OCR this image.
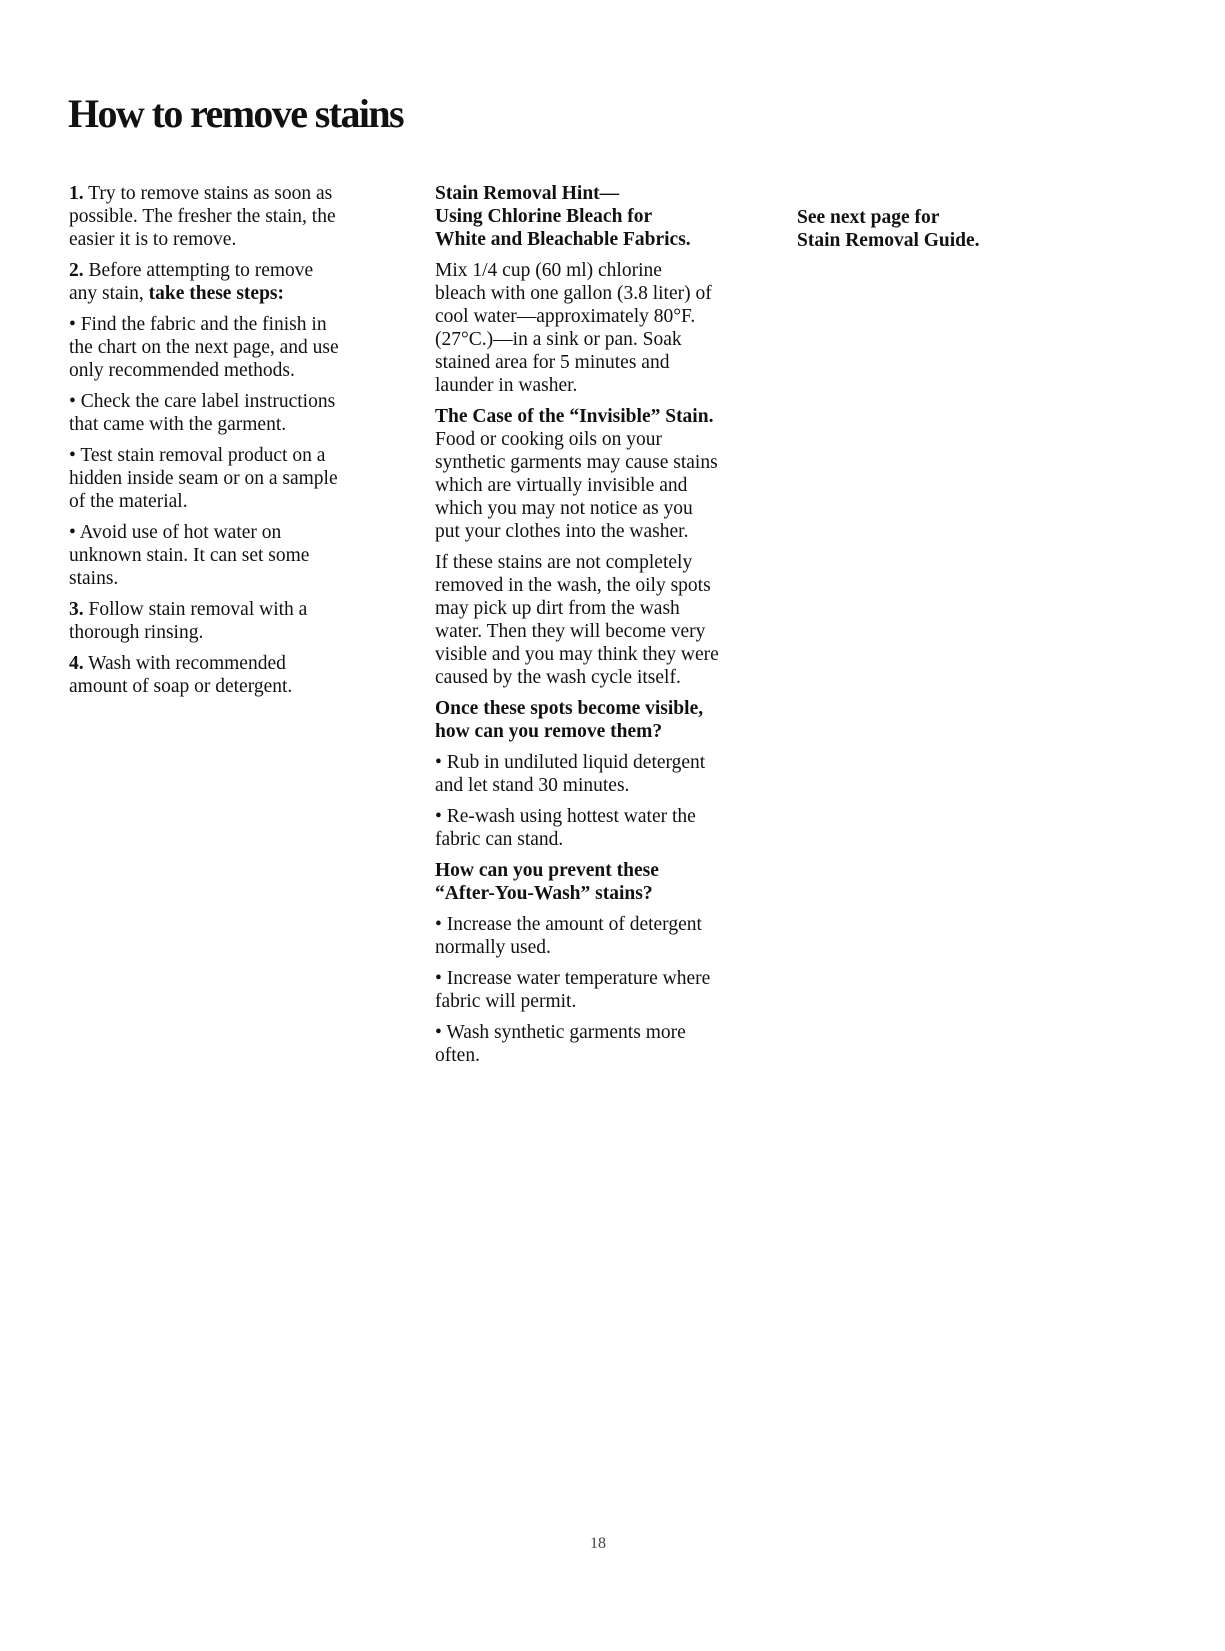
How to remove stains

1. Try to remove stains as soon as
possible. The fresher the stain, the
easier it is to remove.

2. Before attempting to remove
any stain, take these steps:

• Find the fabric and the finish in
the chart on the next page, and use
only recommended methods.

• Check the care label instructions
that came with the garment.

• Test stain removal product on a
hidden inside seam or on a sample
of the material.

• Avoid use of hot water on
unknown stain. It can set some
stains.

3. Follow stain removal with a
thorough rinsing.

4. Wash with recommended
amount of soap or detergent.

Stain Removal Hint—
Using Chlorine Bleach for
White and Bleachable Fabrics.

Mix 1/4 cup (60 ml) chlorine
bleach with one gallon (3.8 liter) of
cool water—approximately 80°F.
(27°C.)—in a sink or pan. Soak
stained area for 5 minutes and
launder in washer.

The Case of the “Invisible” Stain.

Food or cooking oils on your
synthetic garments may cause stains
which are virtually invisible and
which you may not notice as you
put your clothes into the washer.

If these stains are not completely
removed in the wash, the oily spots
may pick up dirt from the wash
water. Then they will become very
visible and you may think they were
caused by the wash cycle itself.

Once these spots become visible,
how can you remove them?

• Rub in undiluted liquid detergent
and let stand 30 minutes.

• Re-wash using hottest water the
fabric can stand.

How can you prevent these
“After-You-Wash” stains?

• Increase the amount of detergent
normally used.

• Increase water temperature where
fabric will permit.

• Wash synthetic garments more
often.

See next page for
Stain Removal Guide.
18
